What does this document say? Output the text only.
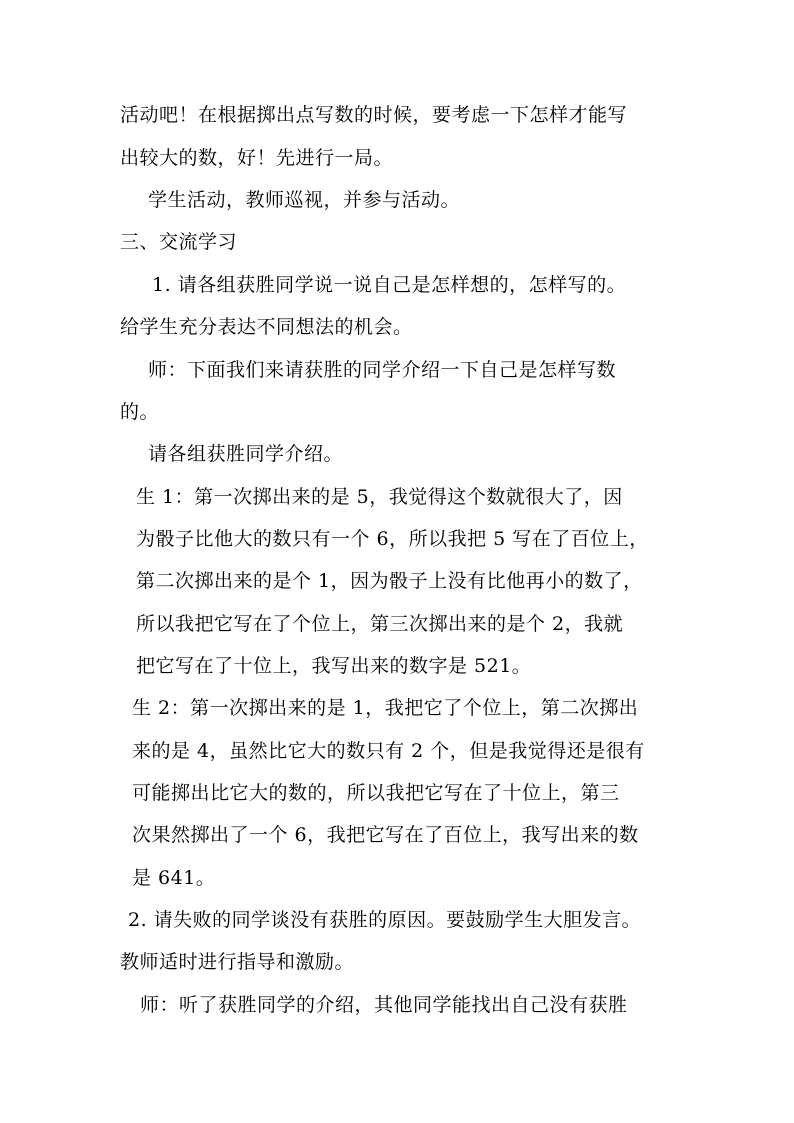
活动吧！在根据掷出点写数的时候，要考虑一下怎样才能写
出较大的数，好！先进行一局。
学生活动，教师巡视，并参与活动。
三、交流学习
1. 请各组获胜同学说一说自己是怎样想的，怎样写的。
给学生充分表达不同想法的机会。
师：下面我们来请获胜的同学介绍一下自己是怎样写数
的。
请各组获胜同学介绍。
生 1：第一次掷出来的是 5，我觉得这个数就很大了，因
为骰子比他大的数只有一个 6，所以我把 5 写在了百位上，
第二次掷出来的是个 1，因为骰子上没有比他再小的数了，
所以我把它写在了个位上，第三次掷出来的是个 2，我就
把它写在了十位上，我写出来的数字是 521。
生 2：第一次掷出来的是 1，我把它了个位上，第二次掷出
来的是 4，虽然比它大的数只有 2 个，但是我觉得还是很有
可能掷出比它大的数的，所以我把它写在了十位上，第三
次果然掷出了一个 6，我把它写在了百位上，我写出来的数
是 641。
2. 请失败的同学谈没有获胜的原因。要鼓励学生大胆发言。
教师适时进行指导和激励。
师：听了获胜同学的介绍，其他同学能找出自己没有获胜
